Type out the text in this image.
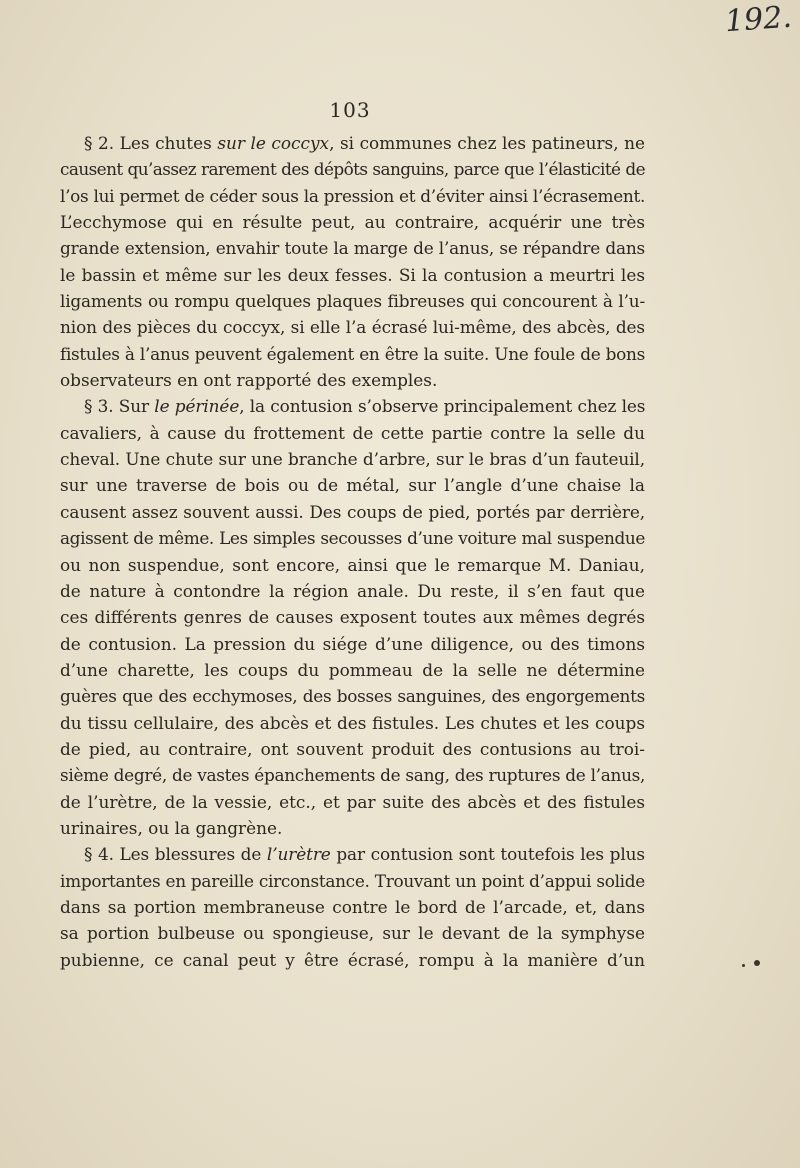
192.
103
§ 2. Les chutes sur le coccyx, si communes chez les patineurs, ne
causent qu’assez rarement des dépôts sanguins, parce que l’élasticité de
l’os lui permet de céder sous la pression et d’éviter ainsi l’écrasement.
L’ecchymose qui en résulte peut, au contraire, acquérir une très
grande extension, envahir toute la marge de l’anus, se répandre dans
le bassin et même sur les deux fesses. Si la contusion a meurtri les
ligaments ou rompu quelques plaques fibreuses qui concourent à l’u-
nion des pièces du coccyx, si elle l’a écrasé lui-même, des abcès, des
fistules à l’anus peuvent également en être la suite. Une foule de bons
observateurs en ont rapporté des exemples.
§ 3. Sur le périnée, la contusion s’observe principalement chez les
cavaliers, à cause du frottement de cette partie contre la selle du
cheval. Une chute sur une branche d’arbre, sur le bras d’un fauteuil,
sur une traverse de bois ou de métal, sur l’angle d’une chaise la
causent assez souvent aussi. Des coups de pied, portés par derrière,
agissent de même. Les simples secousses d’une voiture mal suspendue
ou non suspendue, sont encore, ainsi que le remarque M. Daniau,
de nature à contondre la région anale. Du reste, il s’en faut que
ces différents genres de causes exposent toutes aux mêmes degrés
de contusion. La pression du siége d’une diligence, ou des timons
d’une charette, les coups du pommeau de la selle ne détermine
guères que des ecchymoses, des bosses sanguines, des engorgements
du tissu cellulaire, des abcès et des fistules. Les chutes et les coups
de pied, au contraire, ont souvent produit des contusions au troi-
sième degré, de vastes épanchements de sang, des ruptures de l’anus,
de l’urètre, de la vessie, etc., et par suite des abcès et des fistules
urinaires, ou la gangrène.
§ 4. Les blessures de l’urètre par contusion sont toutefois les plus
importantes en pareille circonstance. Trouvant un point d’appui solide
dans sa portion membraneuse contre le bord de l’arcade, et, dans
sa portion bulbeuse ou spongieuse, sur le devant de la symphyse
pubienne, ce canal peut y être écrasé, rompu à la manière d’un
